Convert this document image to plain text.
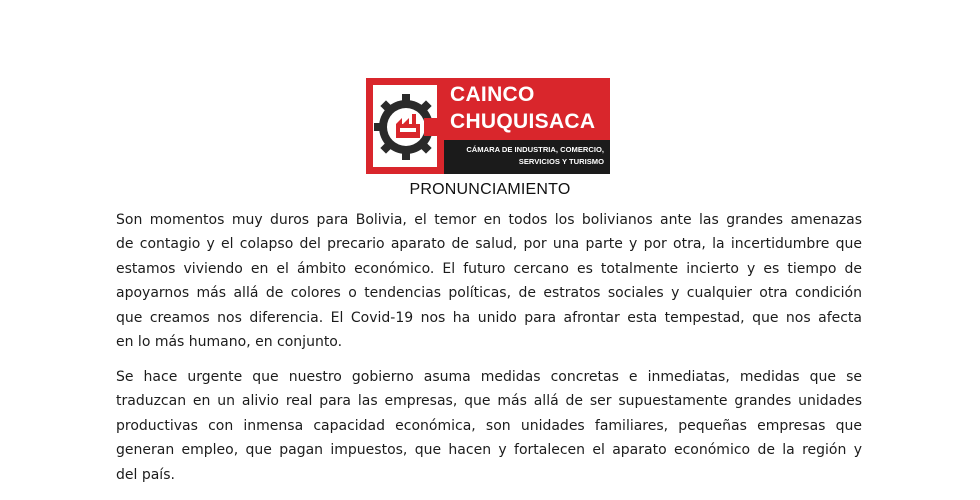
CAINCO
CHUQUISACA
CÁMARA DE INDUSTRIA, COMERCIO,
SERVICIOS Y TURISMO
PRONUNCIAMIENTO

Son momentos muy duros para Bolivia, el temor en todos los bolivianos ante las grandes amenazas
de contagio y el colapso del precario aparato de salud, por una parte y por otra, la incertidumbre que
estamos viviendo en el ámbito económico. El futuro cercano es totalmente incierto y es tiempo de
apoyarnos más allá de colores o tendencias políticas, de estratos sociales y cualquier otra condición
que creamos nos diferencia. El Covid-19 nos ha unido para afrontar esta tempestad, que nos afecta
en lo más humano, en conjunto.

Se hace urgente que nuestro gobierno asuma medidas concretas e inmediatas, medidas que se
traduzcan en un alivio real para las empresas, que más allá de ser supuestamente grandes unidades
productivas con inmensa capacidad económica, son unidades familiares, pequeñas empresas que
generan empleo, que pagan impuestos, que hacen y fortalecen el aparato económico de la región y
del país.
